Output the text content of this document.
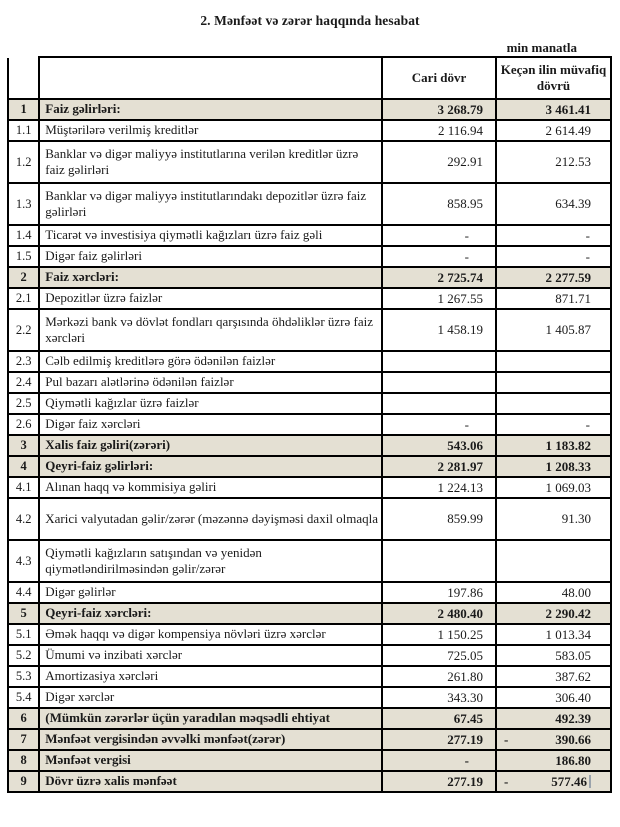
2. Mənfəət və zərər haqqında hesabat
min manatla
		Cari dövr	Keçən ilin müvafiq dövrü
1	Faiz gəlirləri:	3 268.79	3 461.41
1.1	Müştərilərə verilmiş kreditlər	2 116.94	2 614.49
1.2	Banklar və digər maliyyə institutlarına verilən kreditlər üzrə faiz gəlirləri	292.91	212.53
1.3	Banklar və digər maliyyə institutlarındakı depozitlər üzrə faiz gəlirləri	858.95	634.39
1.4	Ticarət və investisiya qiymətli kağızları üzrə faiz gəli	-	-
1.5	Digər faiz gəlirləri	-	-
2	Faiz xərcləri:	2 725.74	2 277.59
2.1	Depozitlər üzrə faizlər	1 267.55	871.71
2.2	Mərkəzi bank və dövlət fondları qarşısında öhdəliklər üzrə faiz xərcləri	1 458.19	1 405.87
2.3	Cəlb edilmiş kreditlərə görə ödənilən faizlər		
2.4	Pul bazarı alətlərinə ödənilən faizlər		
2.5	Qiymətli kağızlar üzrə faizlər		
2.6	Digər faiz xərcləri	-	-
3	Xalis faiz gəliri(zərəri)	543.06	1 183.82
4	Qeyri-faiz gəlirləri:	2 281.97	1 208.33
4.1	Alınan haqq və kommisiya gəliri	1 224.13	1 069.03
4.2	Xarici valyutadan gəlir/zərər (məzənnə dəyişməsi daxil olmaqla	859.99	91.30
4.3	Qiymətli kağızların satışından və yenidən qiymətləndirilməsindən gəlir/zərər		
4.4	Digər gəlirlər	197.86	48.00
5	Qeyri-faiz xərcləri:	2 480.40	2 290.42
5.1	Əmək haqqı və digər kompensiya növləri üzrə xərclər	1 150.25	1 013.34
5.2	Ümumi və inzibati xərclər	725.05	583.05
5.3	Amortizasiya xərcləri	261.80	387.62
5.4	Digər xərclər	343.30	306.40
6	(Mümkün zərərlər üçün yaradılan məqsədli ehtiyat	67.45	492.39
7	Mənfəət vergisindən əvvəlki mənfəət(zərər)	277.19	- 390.66
8	Mənfəət vergisi	-	186.80
9	Dövr üzrə xalis mənfəət	277.19	- 577.46
